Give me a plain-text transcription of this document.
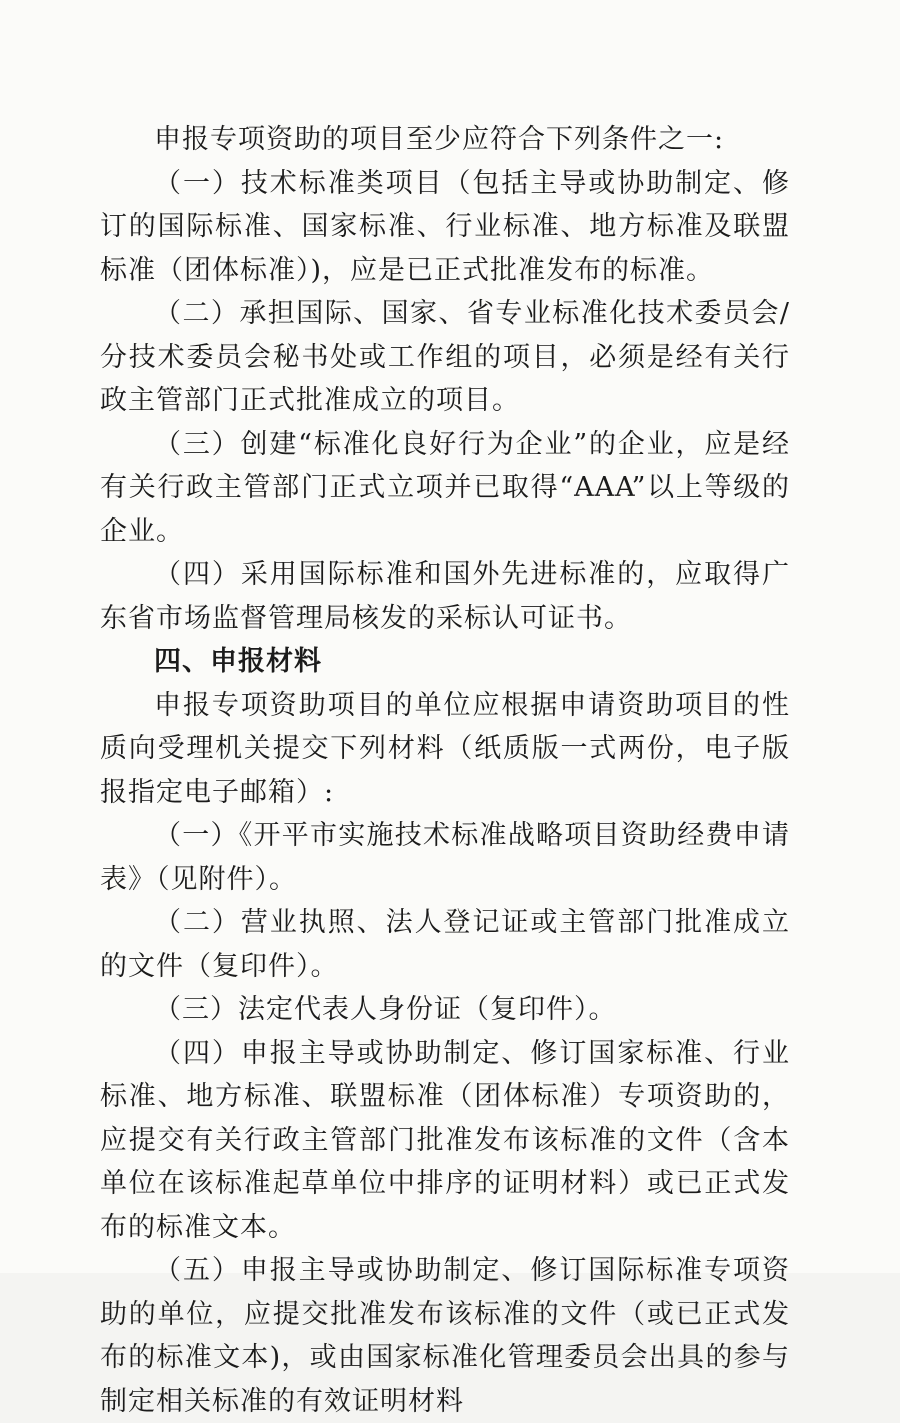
申报专项资助的项目至少应符合下列条件之一:

（一）技术标准类项目（包括主导或协助制定、修订的国际标准、国家标准、行业标准、地方标准及联盟标准（团体标准）)，应是已正式批准发布的标准。

（二）承担国际、国家、省专业标准化技术委员会/分技术委员会秘书处或工作组的项目，必须是经有关行政主管部门正式批准成立的项目。

（三）创建“标准化良好行为企业”的企业，应是经有关行政主管部门正式立项并已取得“AAA”以上等级的企业。

（四）采用国际标准和国外先进标准的，应取得广东省市场监督管理局核发的采标认可证书。

四、申报材料

申报专项资助项目的单位应根据申请资助项目的性质向受理机关提交下列材料（纸质版一式两份，电子版报指定电子邮箱）:

（一）《开平市实施技术标准战略项目资助经费申请表》（见附件）。

（二）营业执照、法人登记证或主管部门批准成立的文件（复印件）。

（三）法定代表人身份证（复印件）。

（四）申报主导或协助制定、修订国家标准、行业标准、地方标准、联盟标准（团体标准）专项资助的，应提交有关行政主管部门批准发布该标准的文件（含本单位在该标准起草单位中排序的证明材料）或已正式发布的标准文本。

（五）申报主导或协助制定、修订国际标准专项资助的单位，应提交批准发布该标准的文件（或已正式发布的标准文本)，或由国家标准化管理委员会出具的参与制定相关标准的有效证明材料
